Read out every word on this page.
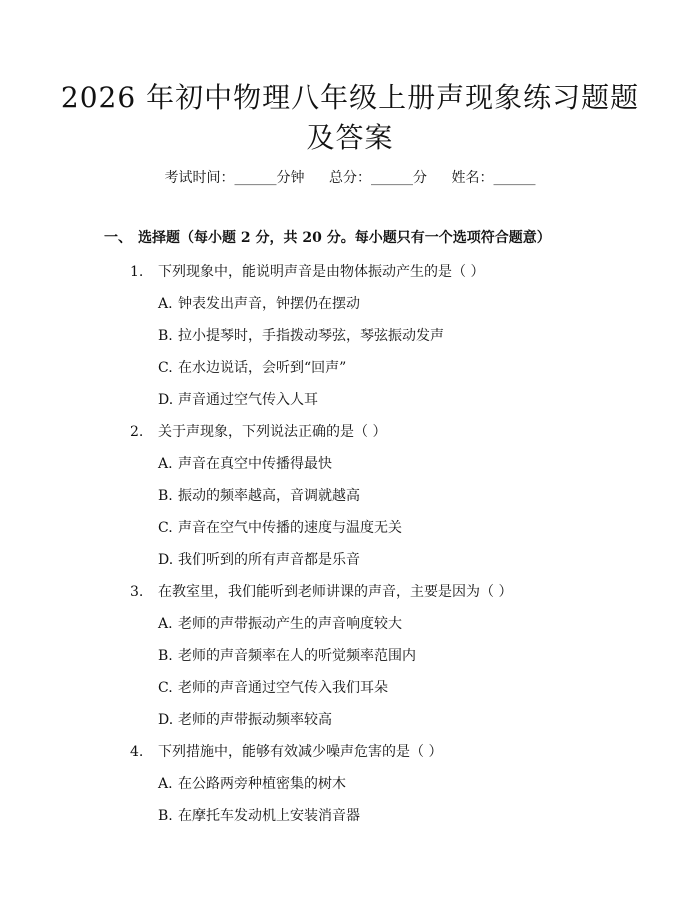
2026 年初中物理八年级上册声现象练习题题及答案
考试时间：______分钟 总分：______分 姓名：______
一、 选择题（每小题 2 分，共 20 分。每小题只有一个选项符合题意）
1. 下列现象中，能说明声音是由物体振动产生的是（ ）
A. 钟表发出声音，钟摆仍在摆动
B. 拉小提琴时，手指拨动琴弦，琴弦振动发声
C. 在水边说话，会听到“回声”
D. 声音通过空气传入人耳
2. 关于声现象，下列说法正确的是（ ）
A. 声音在真空中传播得最快
B. 振动的频率越高，音调就越高
C. 声音在空气中传播的速度与温度无关
D. 我们听到的所有声音都是乐音
3. 在教室里，我们能听到老师讲课的声音，主要是因为（ ）
A. 老师的声带振动产生的声音响度较大
B. 老师的声音频率在人的听觉频率范围内
C. 老师的声音通过空气传入我们耳朵
D. 老师的声带振动频率较高
4. 下列措施中，能够有效减少噪声危害的是（ ）
A. 在公路两旁种植密集的树木
B. 在摩托车发动机上安装消音器
